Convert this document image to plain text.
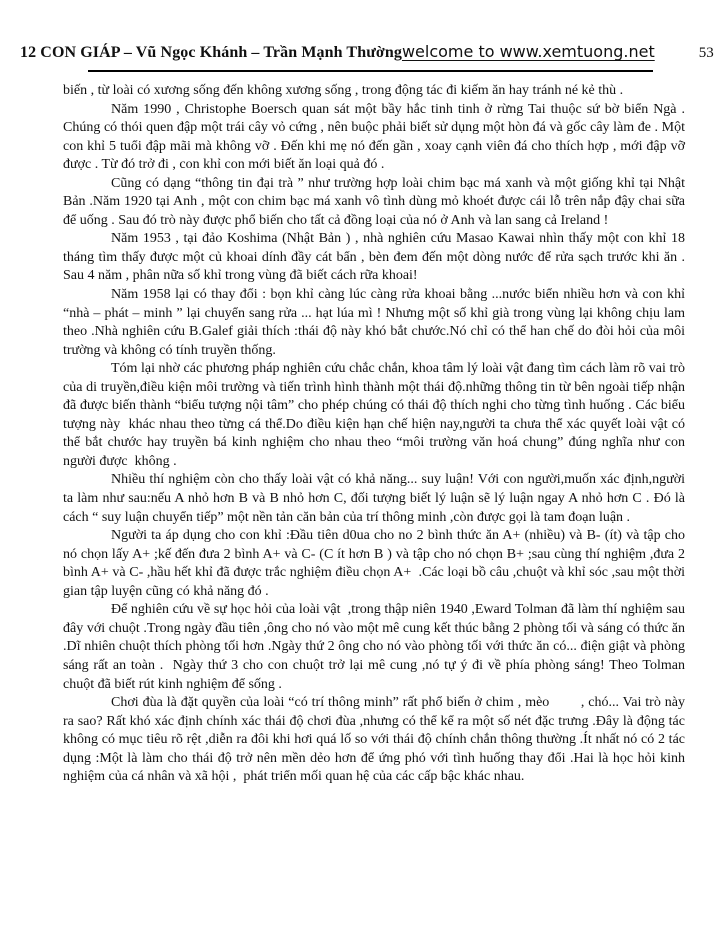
12 CON GIÁP – Vũ Ngọc Khánh – Trần Mạnh Thường welcome to www.xemtuong.net	53

biến , từ loài có xương sống đến không xương sống , trong động tác đi kiếm ăn hay tránh né kẻ thù .

Năm 1990 , Christophe Boersch quan sát một bầy hắc tinh tinh ở rừng Tai thuộc sứ bờ biển Ngà . Chúng có thói quen đập một trái cây vỏ cứng , nên buộc phải biết sử dụng một hòn đá và gốc cây làm đe . Một con khỉ 5 tuổi đập mãi mà không vỡ . Đến khi mẹ nó đến gần , xoay cạnh viên đá cho thích hợp , mới đập vỡ được . Từ đó trở đi , con khỉ con mới biết ăn loại quả đó .

Cũng có dạng “thông tin đại trà ” như trường hợp loài chim bạc má xanh và một giống khỉ tại Nhật Bản .Năm 1920 tại Anh , một con chim bạc má xanh vô tình dùng mỏ khoét được cái lỗ trên nắp đậy chai sữa để uống . Sau đó trò này được phổ biến cho tất cả đồng loại của nó ở Anh và lan sang cả Ireland !

Năm 1953 , tại đảo Koshima (Nhật Bản ) , nhà nghiên cứu Masao Kawai nhìn thấy một con khỉ 18 tháng tìm thấy được một củ khoai dính đầy cát bẩn , bèn đem đến một dòng nước để rửa sạch trước khi ăn . Sau 4 năm , phân nữa số khỉ trong vùng đã biết cách rữa khoai!

Năm 1958 lại có thay đổi : bọn khỉ càng lúc càng rửa khoai bằng ...nước biển nhiều hơn và con khỉ “nhà – phát – minh ” lại chuyển sang rửa ... hạt lúa mì ! Nhưng một số khỉ già trong vùng lại không chịu lam theo .Nhà nghiên cứu B.Galef giải thích :thái độ này khó bắt chước.Nó chỉ có thể han chế do đòi hỏi của môi trường và không có tính truyền thống.

Tóm lại nhờ các phương pháp nghiên cứu chắc chắn, khoa tâm lý loài vật đang tìm cách làm rõ vai trò của di truyền,điều kiện môi trường và tiến trình hình thành một thái độ.những thông tin từ bên ngoài tiếp nhận đã được biến thành “biểu tượng nội tâm” cho phép chúng có thái độ thích nghi cho từng tình huống . Các biểu tượng này  khác nhau theo từng cá thể.Do điều kiện hạn chế hiện nay,người ta chưa thể xác quyết loài vật có thể bắt chước hay truyền bá kinh nghiệm cho nhau theo “môi trường văn hoá chung” đúng nghĩa như con người được  không .

Nhiều thí nghiệm còn cho thấy loài vật có khả năng... suy luận! Với con người,muốn xác định,người ta làm như sau:nếu A nhỏ hơn B và B nhỏ hơn C, đối tượng biết lý luận sẽ lý luận ngay A nhỏ hơn C . Đó là cách “ suy luận chuyển tiếp” một nền tản căn bản của trí thông minh ,còn được gọi là tam đoạn luận .

Người ta áp dụng cho con khỉ :Đầu tiên d0ua cho no 2 bình thức ăn A+ (nhiều) và B- (ít) và tập cho nó chọn lấy A+ ;kế đến đưa 2 bình A+ và C- (C ít hơn B ) và tập cho nó chọn B+ ;sau cùng thí nghiệm ,đưa 2 bình A+ và C- ,hầu hết khỉ đã được trắc nghiệm điều chọn A+  .Các loại bồ câu ,chuột và khỉ sóc ,sau một thời gian tập luyện cũng có khả năng đó .

Để nghiên cứu về sự học hỏi của loài vật  ,trong thập niên 1940 ,Eward Tolman đã làm thí nghiệm sau đây với chuột .Trong ngày đầu tiên ,ông cho nó vào một mê cung kết thúc bằng 2 phòng tối và sáng có thức ăn .Dĩ nhiên chuột thích phòng tối hơn .Ngày thứ 2 ông cho nó vào phòng tối với thức ăn có... điện giật và phòng sáng rất an toàn .  Ngày thứ 3 cho con chuột trở lại mê cung ,nó tự ý đi về phía phòng sáng! Theo Tolman chuột đã biết rút kinh nghiệm để sống .

Chơi đùa là đặt quyền của loài “có trí thông minh” rất phổ biến ở chim , mèo        , chó... Vai trò này ra sao? Rất khó xác định chính xác thái độ chơi đùa ,nhưng có thể kể ra một số nét đặc trưng .Đây là động tác không có mục tiêu rõ rệt ,diễn ra đôi khi hơi quá lố so với thái độ chính chắn thông thường .Ít nhất nó có 2 tác dụng :Một là làm cho thái độ trở nên mền dẻo hơn để ứng phó với tình huống thay đổi .Hai là học hỏi kinh nghiệm của cá nhân và xã hội ,  phát triển mối quan hệ của các cấp bậc khác nhau.
